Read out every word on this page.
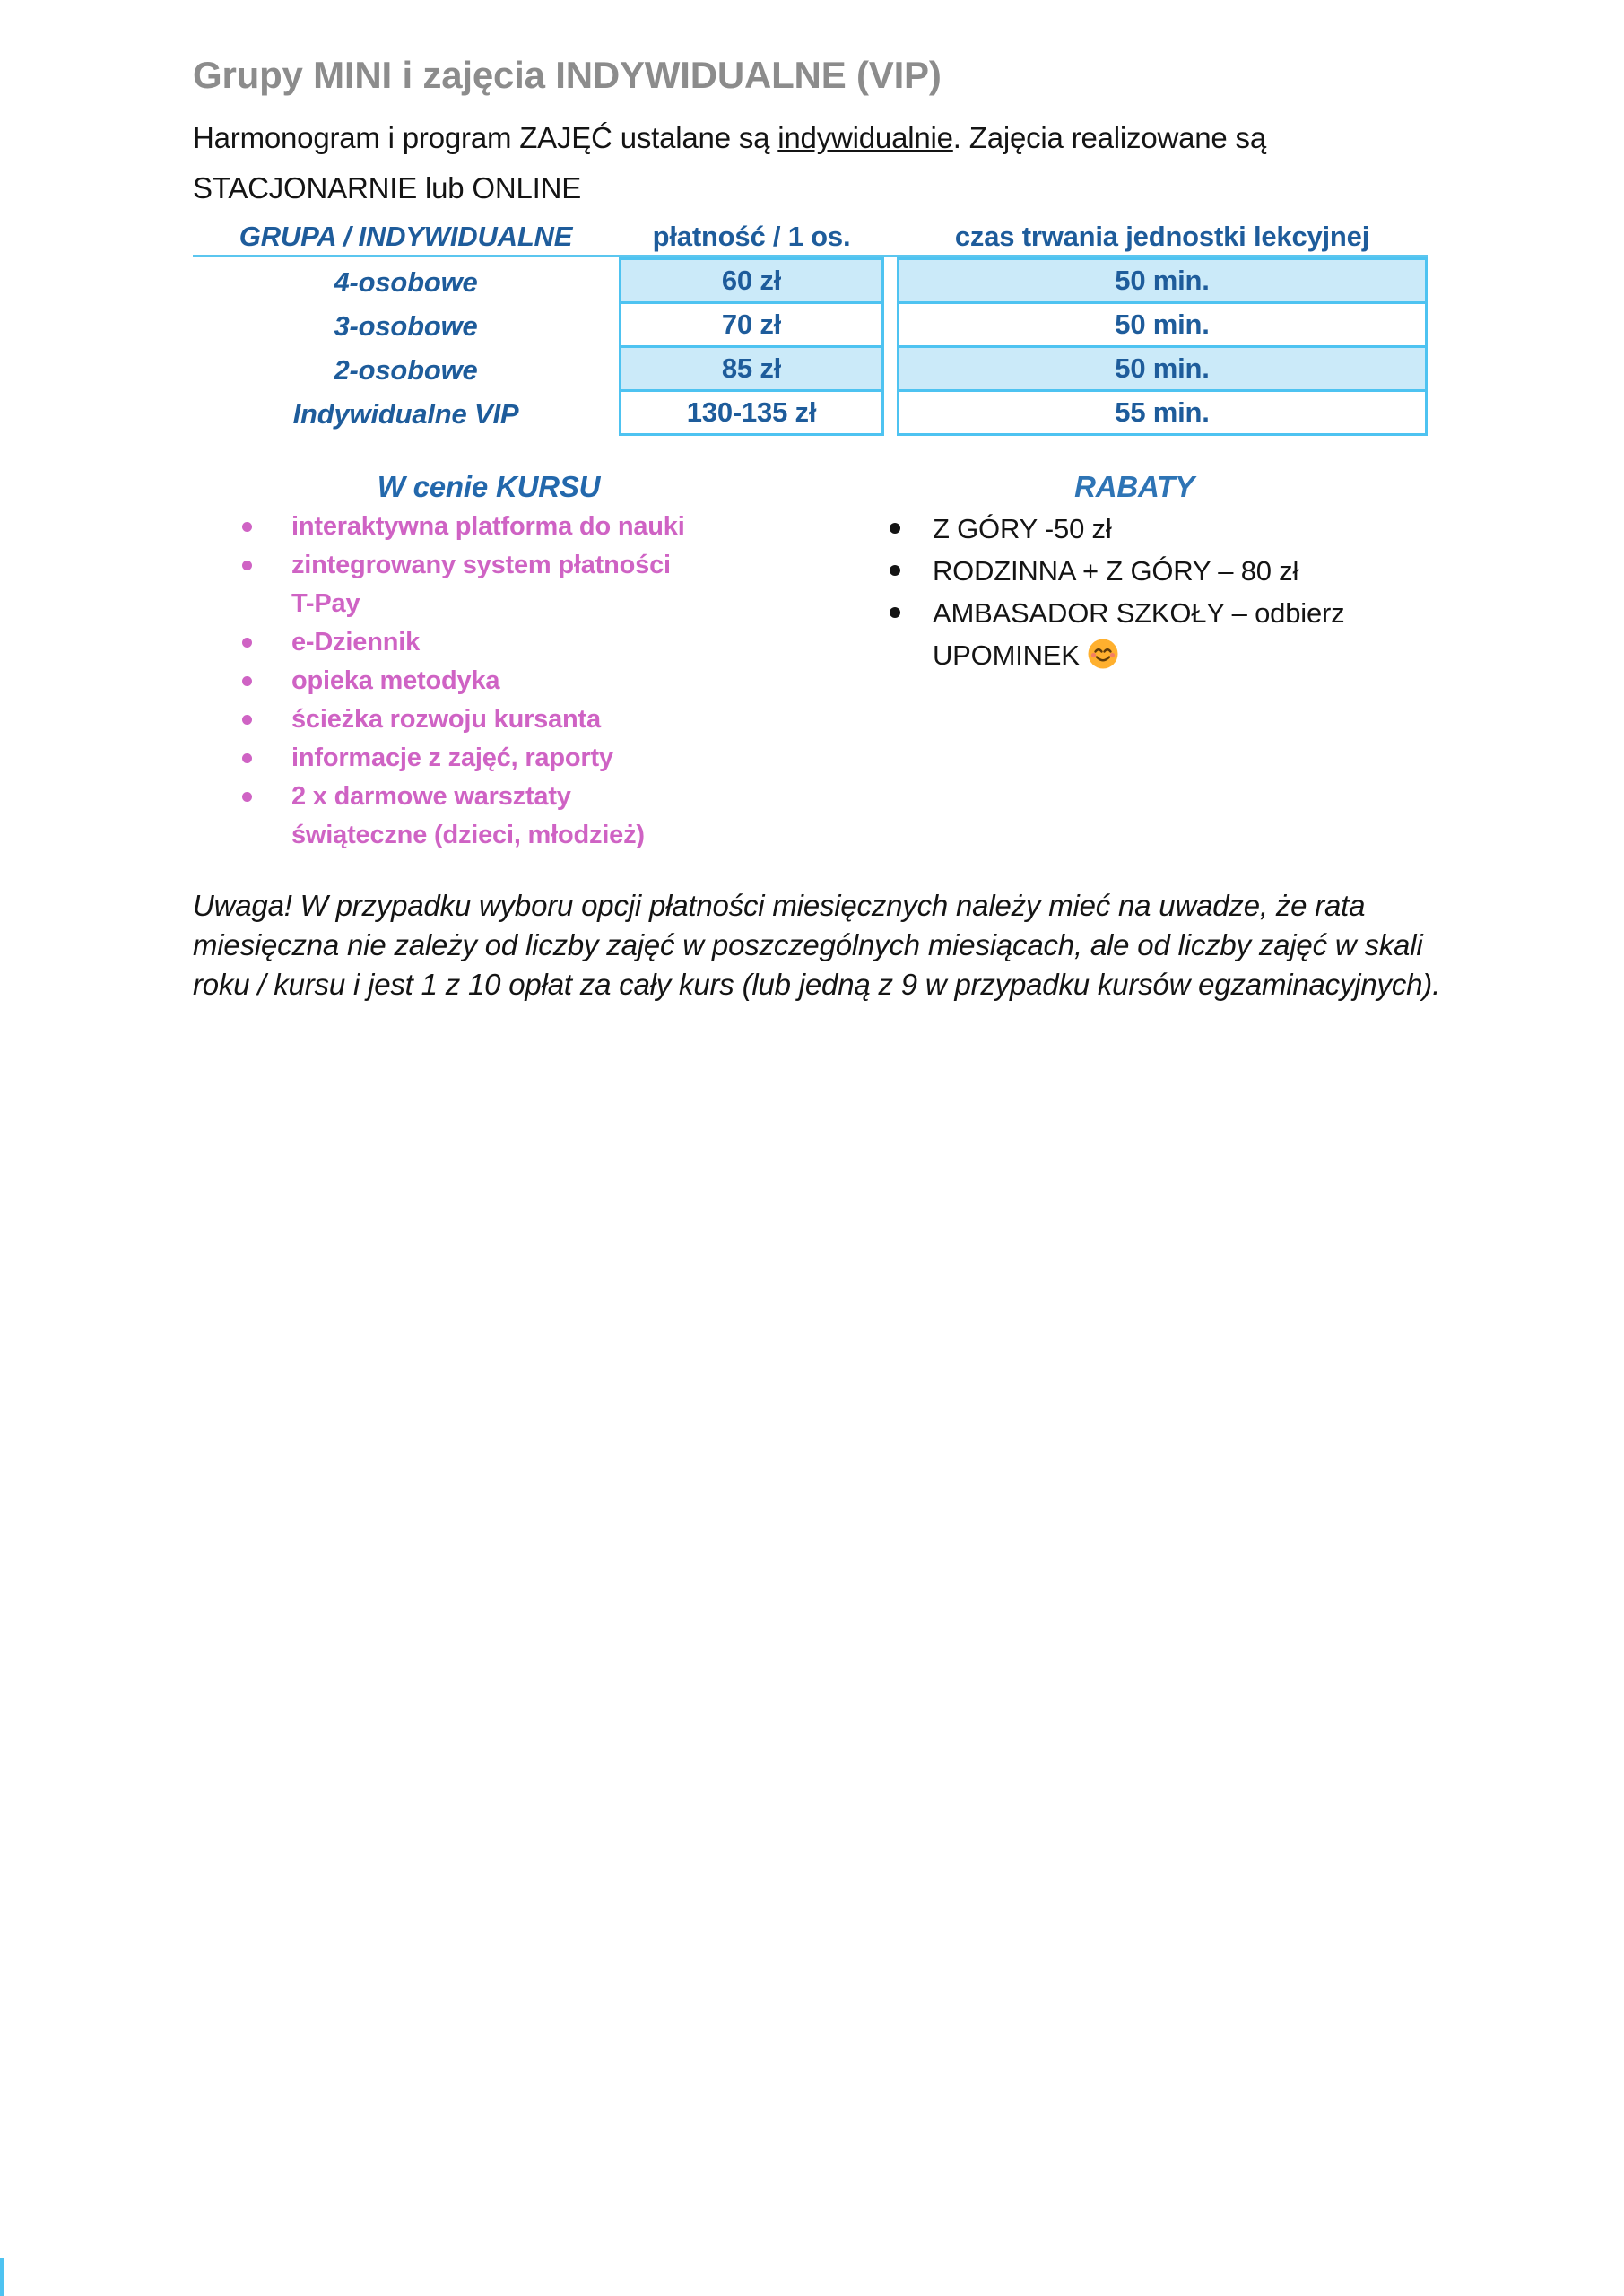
Grupy MINI i zajęcia INDYWIDUALNE (VIP)
Harmonogram i program ZAJĘĆ ustalane są indywidualnie. Zajęcia realizowane są
STACJONARNIE lub ONLINE
GRUPA / INDYWIDUALNE	płatność / 1 os.	czas trwania jednostki lekcyjnej
4-osobowe
3-osobowe
2-osobowe
Indywidualne VIP
60 zł
70 zł
85 zł
130-135 zł
50 min.
50 min.
50 min.
55 min.
W cenie KURSU
interaktywna platforma do nauki
zintegrowany system płatności T-Pay
e-Dziennik
opieka metodyka
ścieżka rozwoju kursanta
informacje z zajęć, raporty
2 x darmowe warsztaty świąteczne (dzieci, młodzież)
RABATY
Z GÓRY -50 zł
RODZINNA + Z GÓRY – 80 zł
AMBASADOR SZKOŁY – odbierz UPOMINEK
Uwaga! W przypadku wyboru opcji płatności miesięcznych należy mieć na uwadze, że rata miesięczna nie zależy od liczby zajęć w poszczególnych miesiącach, ale od liczby zajęć w skali roku / kursu i jest 1 z 10 opłat za cały kurs (lub jedną z 9 w przypadku kursów egzaminacyjnych).
